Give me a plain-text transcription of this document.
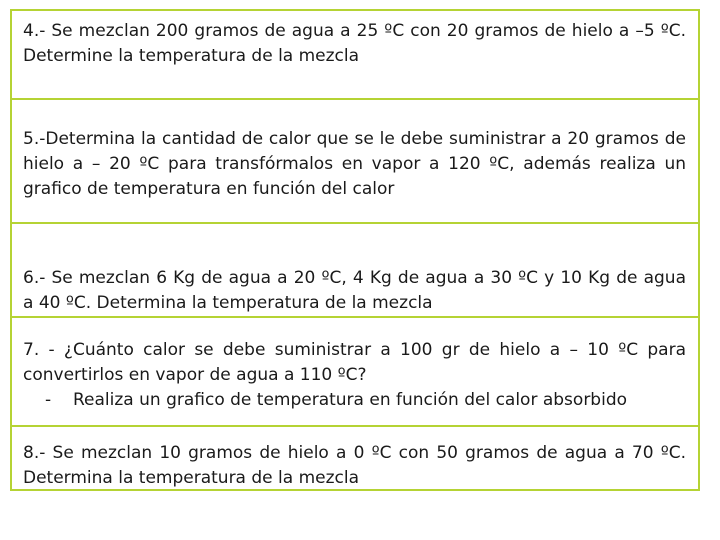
4.- Se mezclan 200 gramos de agua a 25 ºC con 20 gramos de hielo a –5 ºC. Determine la temperatura de la mezcla

5.-Determina la cantidad de calor que se le debe suministrar a 20 gramos de hielo a – 20 ºC para transfórmalos en vapor a 120 ºC, además realiza un grafico de temperatura en función del calor

6.- Se mezclan 6 Kg de agua a 20 ºC, 4 Kg de agua a 30 ºC y 10 Kg de agua a 40 ºC. Determina la temperatura de la mezcla

7. - ¿Cuánto calor se debe suministrar a 100 gr de hielo a – 10 ºC para convertirlos en vapor de agua a 110 ºC?

-	Realiza un grafico de temperatura en función del calor absorbido

8.- Se mezclan 10 gramos de hielo a 0 ºC con 50 gramos de agua a 70 ºC. Determina la temperatura de la mezcla
